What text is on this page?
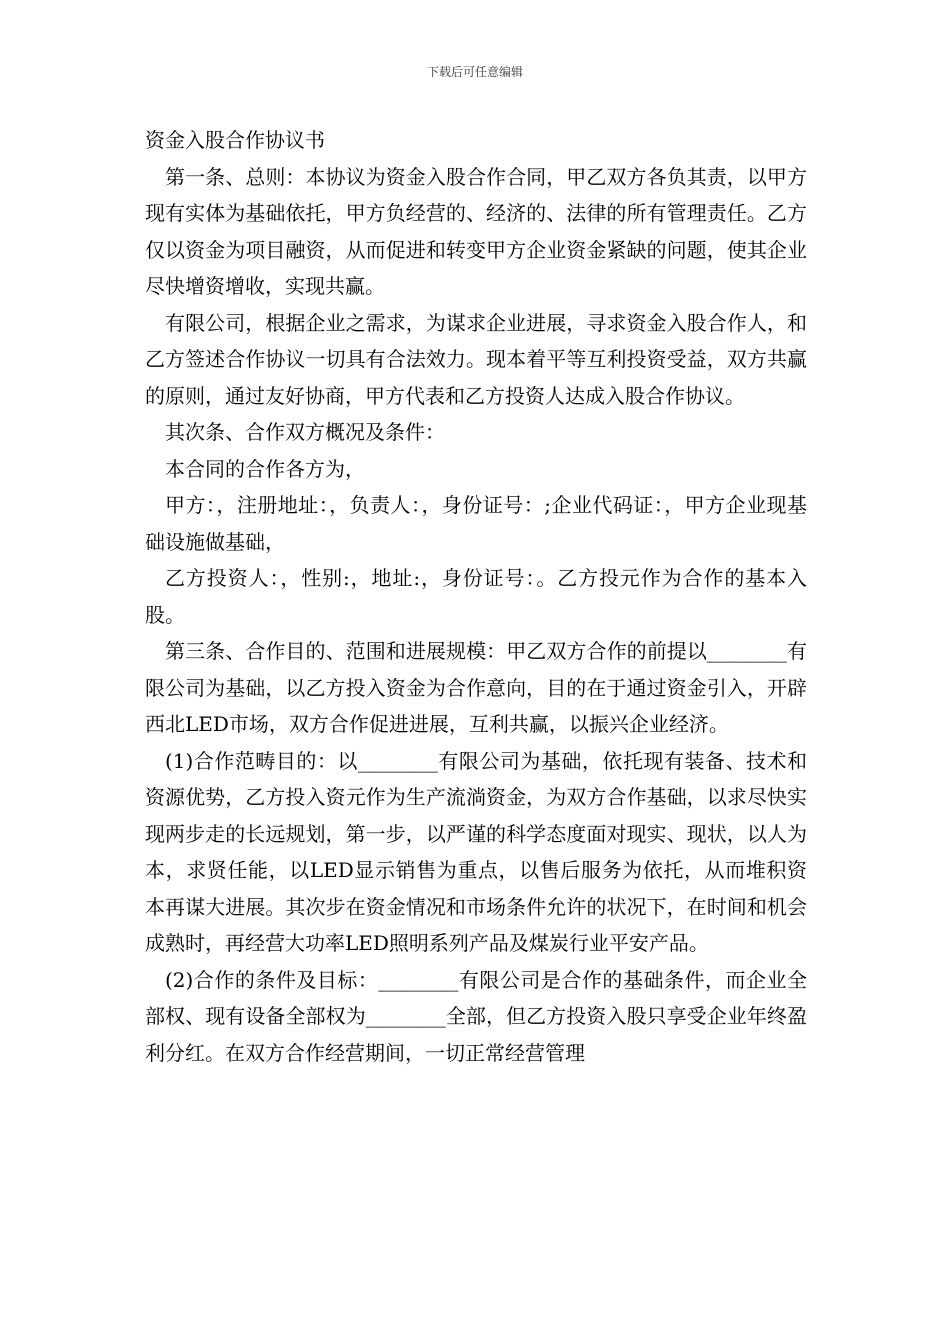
下载后可任意编辑

资金入股合作协议书

第一条、总则：本协议为资金入股合作合同，甲乙双方各负其责，以甲方现有实体为基础依托，甲方负经营的、经济的、法律的所有管理责任。乙方仅以资金为项目融资，从而促进和转变甲方企业资金紧缺的问题，使其企业尽快增资增收，实现共赢。

有限公司，根据企业之需求，为谋求企业进展，寻求资金入股合作人，和乙方签述合作协议一切具有合法效力。现本着平等互利投资受益，双方共赢的原则，通过友好协商，甲方代表和乙方投资人达成入股合作协议。

其次条、合作双方概况及条件：

本合同的合作各方为，

甲方：，注册地址：，负责人：，身份证号：;企业代码证：，甲方企业现基础设施做基础，

乙方投资人：，性别:，地址:，身份证号：。乙方投元作为合作的基本入股。

第三条、合作目的、范围和进展规模：甲乙双方合作的前提以________有限公司为基础，以乙方投入资金为合作意向，目的在于通过资金引入，开辟西北LED市场，双方合作促进进展，互利共赢，以振兴企业经济。

(1)合作范畴目的：以________有限公司为基础，依托现有装备、技术和资源优势，乙方投入资元作为生产流淌资金，为双方合作基础，以求尽快实现两步走的长远规划，第一步，以严谨的科学态度面对现实、现状，以人为本，求贤任能，以LED显示销售为重点，以售后服务为依托，从而堆积资本再谋大进展。其次步在资金情况和市场条件允许的状况下，在时间和机会成熟时，再经营大功率LED照明系列产品及煤炭行业平安产品。

(2)合作的条件及目标：________有限公司是合作的基础条件，而企业全部权、现有设备全部权为________全部，但乙方投资入股只享受企业年终盈利分红。在双方合作经营期间，一切正常经营管理
